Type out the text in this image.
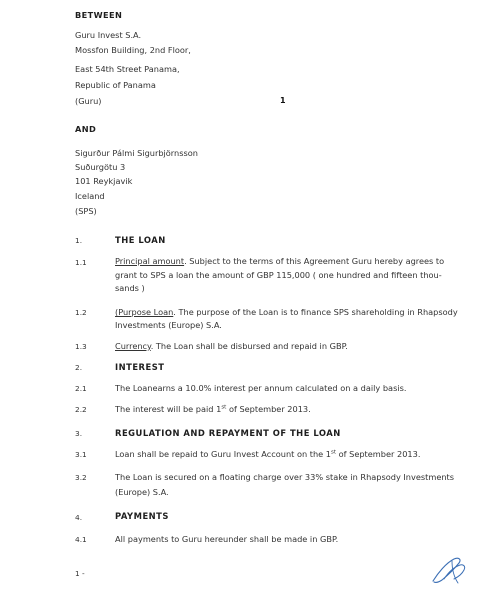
BETWEEN
Guru Invest S.A.
Mossfon Building, 2nd Floor,
East 54th Street Panama,
Republic of Panama
(Guru)	1
AND
Sigurður Pálmi Sigurbjörnsson
Suðurgötu 3
101 Reykjavik
Iceland
(SPS)
1.	THE LOAN
1.1	Principal amount. Subject to the terms of this Agreement Guru hereby agrees to
grant to SPS a loan the amount of GBP 115,000 ( one hundred and fifteen thou-
sands )
1.2	(Purpose Loan. The purpose of the Loan is to finance SPS shareholding in Rhapsody
Investments (Europe) S.A.
1.3	Currency. The Loan shall be disbursed and repaid in GBP.
2.	INTEREST
2.1	The Loanearns a 10.0% interest per annum calculated on a daily basis.
2.2	The interest will be paid 1st of September 2013.
3.	REGULATION AND REPAYMENT OF THE LOAN
3.1	Loan shall be repaid to Guru Invest Account on the 1st of September 2013.
3.2	The Loan is secured on a floating charge over 33% stake in Rhapsody Investments
(Europe) S.A.
4.	PAYMENTS
4.1	All payments to Guru hereunder shall be made in GBP.
1 -
